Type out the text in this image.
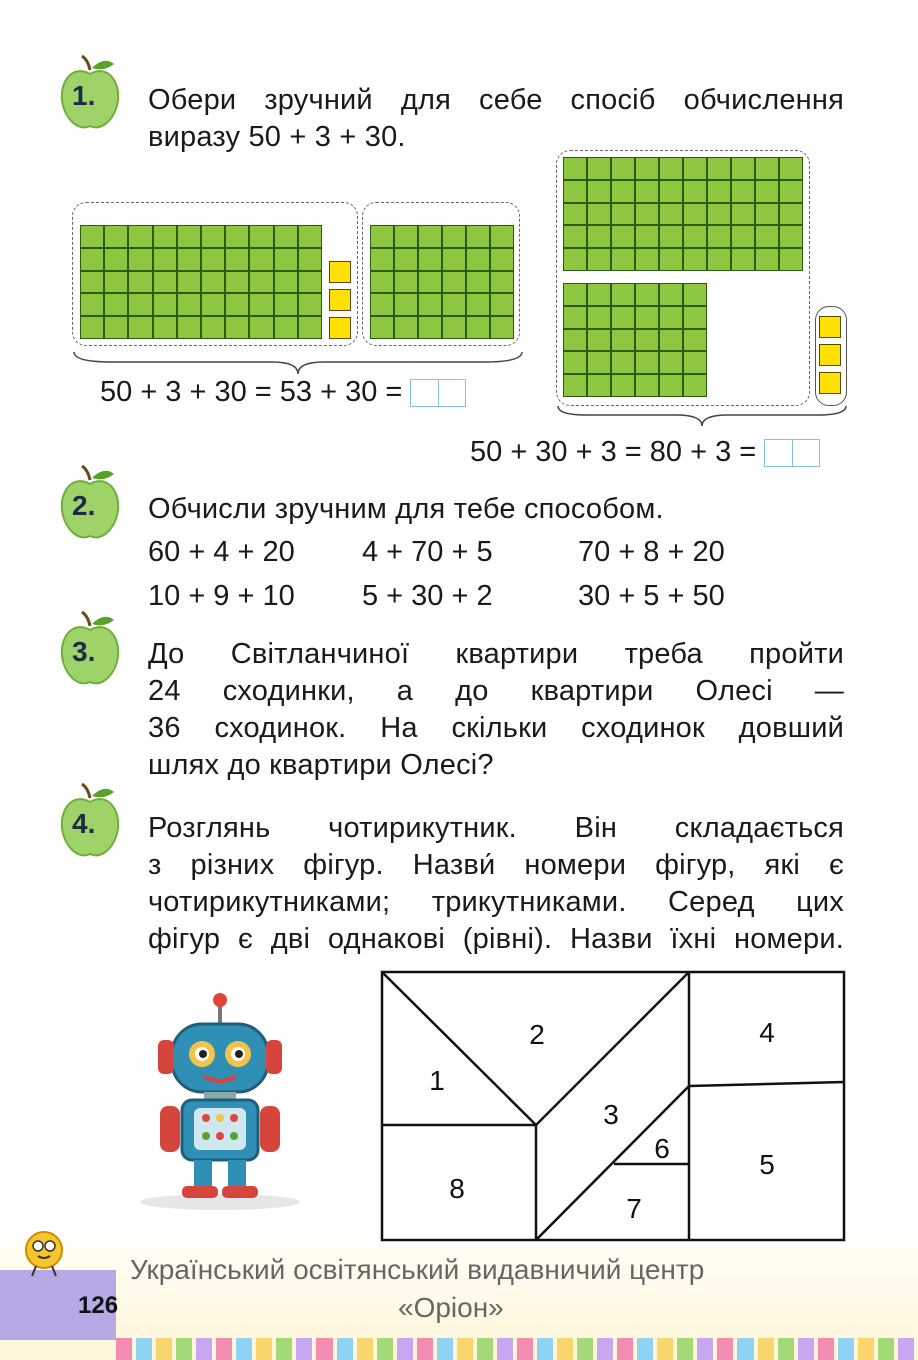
1. Обери зручний для себе спосіб обчислення
виразу 50 + 3 + 30.
50 + 3 + 30 = 53 + 30 =
50 + 30 + 3 = 80 + 3 =
2. Обчисли зручним для тебе способом.
60 + 4 + 20 4 + 70 + 5	70 + 8 + 20
10 + 9 + 10 5 + 30 + 2	30 + 5 + 50
3. До Світланчиної квартири треба пройти
24 сходинки, а до квартири Олесі —
36 сходинок. На скільки сходинок довший
шлях до квартири Олесі?
4. Розглянь чотирикутник. Він складається
з різних фігур. Назви́ номери фігур, які є
чотирикутниками; трикутниками. Серед цих
фігур є дві однакові (рівні). Назви їхні номери.
1
2
3
4
5
6
7
8
126
Український освітянський видавничий центр
«Оріон»
